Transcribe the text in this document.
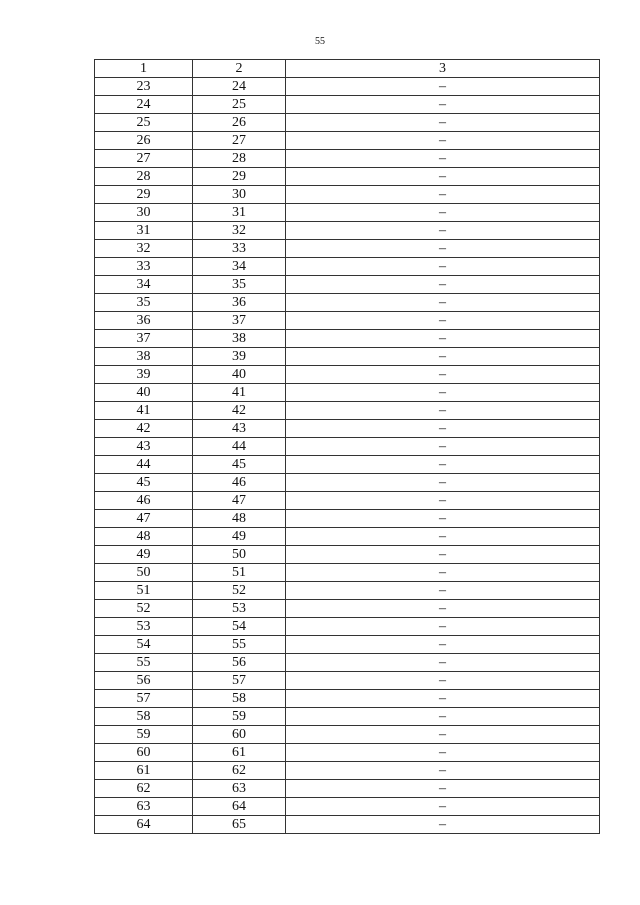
55
1	2	3
23	24	–
24	25	–
25	26	–
26	27	–
27	28	–
28	29	–
29	30	–
30	31	–
31	32	–
32	33	–
33	34	–
34	35	–
35	36	–
36	37	–
37	38	–
38	39	–
39	40	–
40	41	–
41	42	–
42	43	–
43	44	–
44	45	–
45	46	–
46	47	–
47	48	–
48	49	–
49	50	–
50	51	–
51	52	–
52	53	–
53	54	–
54	55	–
55	56	–
56	57	–
57	58	–
58	59	–
59	60	–
60	61	–
61	62	–
62	63	–
63	64	–
64	65	–
